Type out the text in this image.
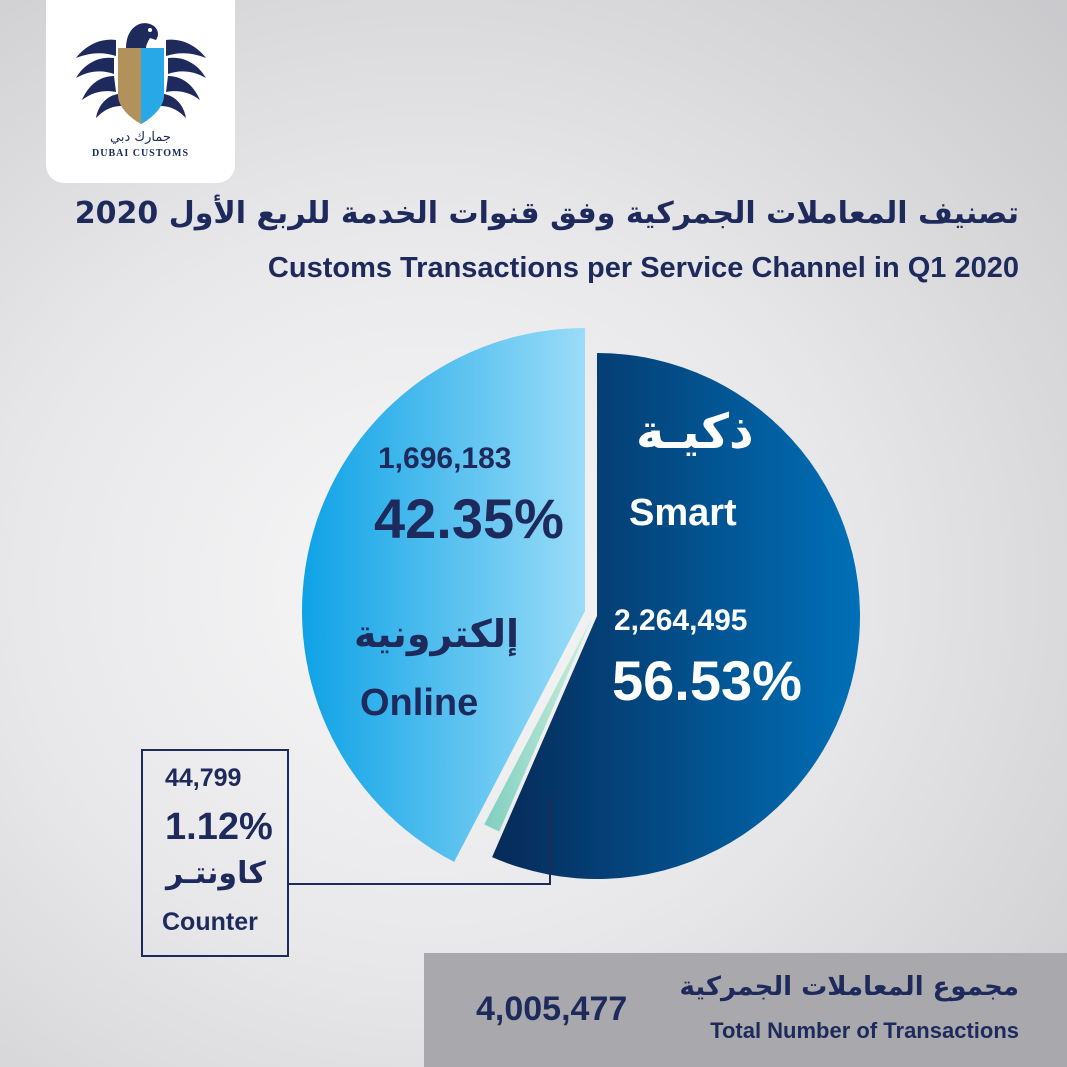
جمارك دبي
DUBAI CUSTOMS
تصنيف المعاملات الجمركية وفق قنوات الخدمة للربع الأول 2020
Customs Transactions per Service Channel in Q1 2020
1,696,183
42.35%
إلكترونية
Online
ذكيـة
Smart
2,264,495
56.53%
44,799
1.12%
كاونتـر
Counter
4,005,477
مجموع المعاملات الجمركية
Total Number of Transactions
